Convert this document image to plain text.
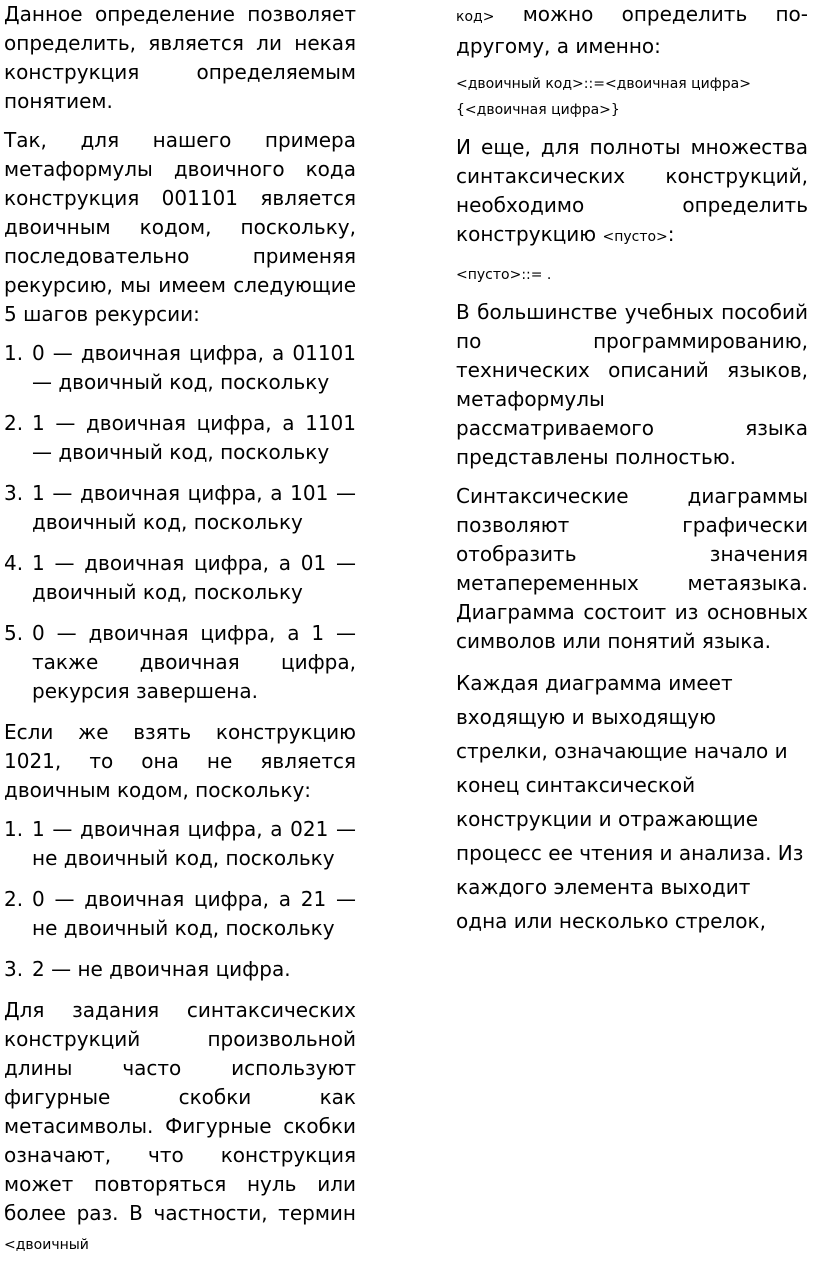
Данное определение позволяет определить, является ли некая конструкция определяемым понятием.

Так, для нашего примера метаформулы двоичного кода конструкция 001101 является двоичным кодом, поскольку, последовательно применяя рекурсию, мы имеем следующие 5 шагов рекурсии:

1. 0 — двоичная цифра, а 01101 — двоичный код, поскольку
2. 1 — двоичная цифра, а 1101 — двоичный код, поскольку
3. 1 — двоичная цифра, а 101 — двоичный код, поскольку
4. 1 — двоичная цифра, а 01 — двоичный код, поскольку
5. 0 — двоичная цифра, а 1 — также двоичная цифра, рекурсия завершена.

Если же взять конструкцию 1021, то она не является двоичным кодом, поскольку:

1. 1 — двоичная цифра, а 021 — не двоичный код, поскольку
2. 0 — двоичная цифра, а 21 — не двоичный код, поскольку
3. 2 — не двоичная цифра.

Для задания синтаксических конструкций произвольной длины часто используют фигурные скобки как метасимволы. Фигурные скобки означают, что конструкция может повторяться нуль или более раз. В частности, термин <двоичный

код> можно определить по-другому, а именно:

<двоичный код>::=<двоичная цифра>{<двоичная цифра>}

И еще, для полноты множества синтаксических конструкций, необходимо определить конструкцию <пусто>:

<пусто>::= .

В большинстве учебных пособий по программированию, технических описаний языков, метаформулы рассматриваемого языка представлены полностью.

Синтаксические диаграммы позволяют графически отобразить значения метапеременных метаязыка. Диаграмма состоит из основных символов или понятий языка.

Каждая диаграмма имеет входящую и выходящую стрелки, означающие начало и конец синтаксической конструкции и отражающие процесс ее чтения и анализа. Из каждого элемента выходит одна или несколько стрелок,
